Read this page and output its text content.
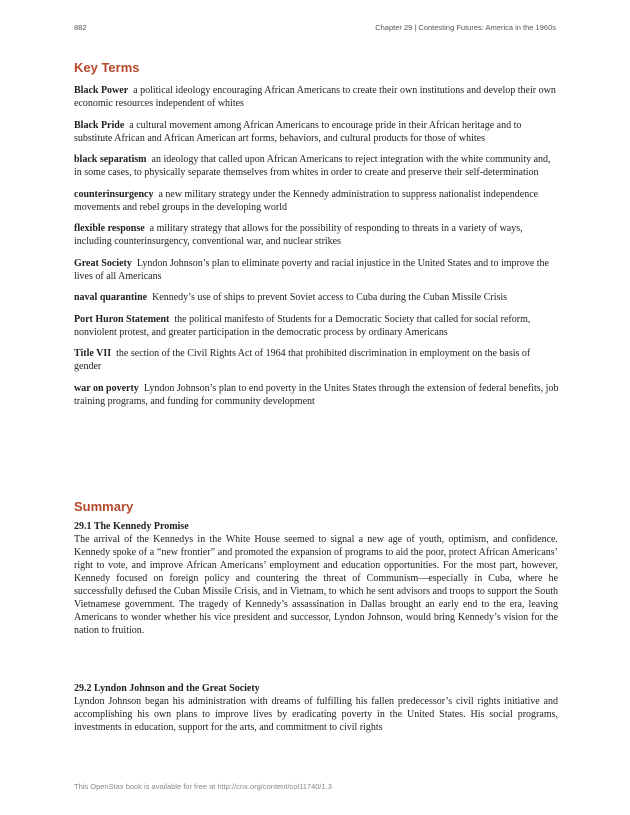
882	Chapter 29 | Contesting Futures: America in the 1960s
Key Terms

Black Power a political ideology encouraging African Americans to create their own institutions and develop their own economic resources independent of whites

Black Pride a cultural movement among African Americans to encourage pride in their African heritage and to substitute African and African American art forms, behaviors, and cultural products for those of whites

black separatism an ideology that called upon African Americans to reject integration with the white community and, in some cases, to physically separate themselves from whites in order to create and preserve their self-determination

counterinsurgency a new military strategy under the Kennedy administration to suppress nationalist independence movements and rebel groups in the developing world

flexible response a military strategy that allows for the possibility of responding to threats in a variety of ways, including counterinsurgency, conventional war, and nuclear strikes

Great Society Lyndon Johnson’s plan to eliminate poverty and racial injustice in the United States and to improve the lives of all Americans

naval quarantine Kennedy’s use of ships to prevent Soviet access to Cuba during the Cuban Missile Crisis

Port Huron Statement the political manifesto of Students for a Democratic Society that called for social reform, nonviolent protest, and greater participation in the democratic process by ordinary Americans

Title VII the section of the Civil Rights Act of 1964 that prohibited discrimination in employment on the basis of gender

war on poverty Lyndon Johnson’s plan to end poverty in the Unites States through the extension of federal benefits, job training programs, and funding for community development

Summary

29.1 The Kennedy Promise

The arrival of the Kennedys in the White House seemed to signal a new age of youth, optimism, and confidence. Kennedy spoke of a “new frontier” and promoted the expansion of programs to aid the poor, protect African Americans’ right to vote, and improve African Americans’ employment and education opportunities. For the most part, however, Kennedy focused on foreign policy and countering the threat of Communism—especially in Cuba, where he successfully defused the Cuban Missile Crisis, and in Vietnam, to which he sent advisors and troops to support the South Vietnamese government. The tragedy of Kennedy’s assassination in Dallas brought an early end to the era, leaving Americans to wonder whether his vice president and successor, Lyndon Johnson, would bring Kennedy’s vision for the nation to fruition.

29.2 Lyndon Johnson and the Great Society

Lyndon Johnson began his administration with dreams of fulfilling his fallen predecessor’s civil rights initiative and accomplishing his own plans to improve lives by eradicating poverty in the United States. His social programs, investments in education, support for the arts, and commitment to civil rights

This OpenStax book is available for free at http://cnx.org/content/col11740/1.3
